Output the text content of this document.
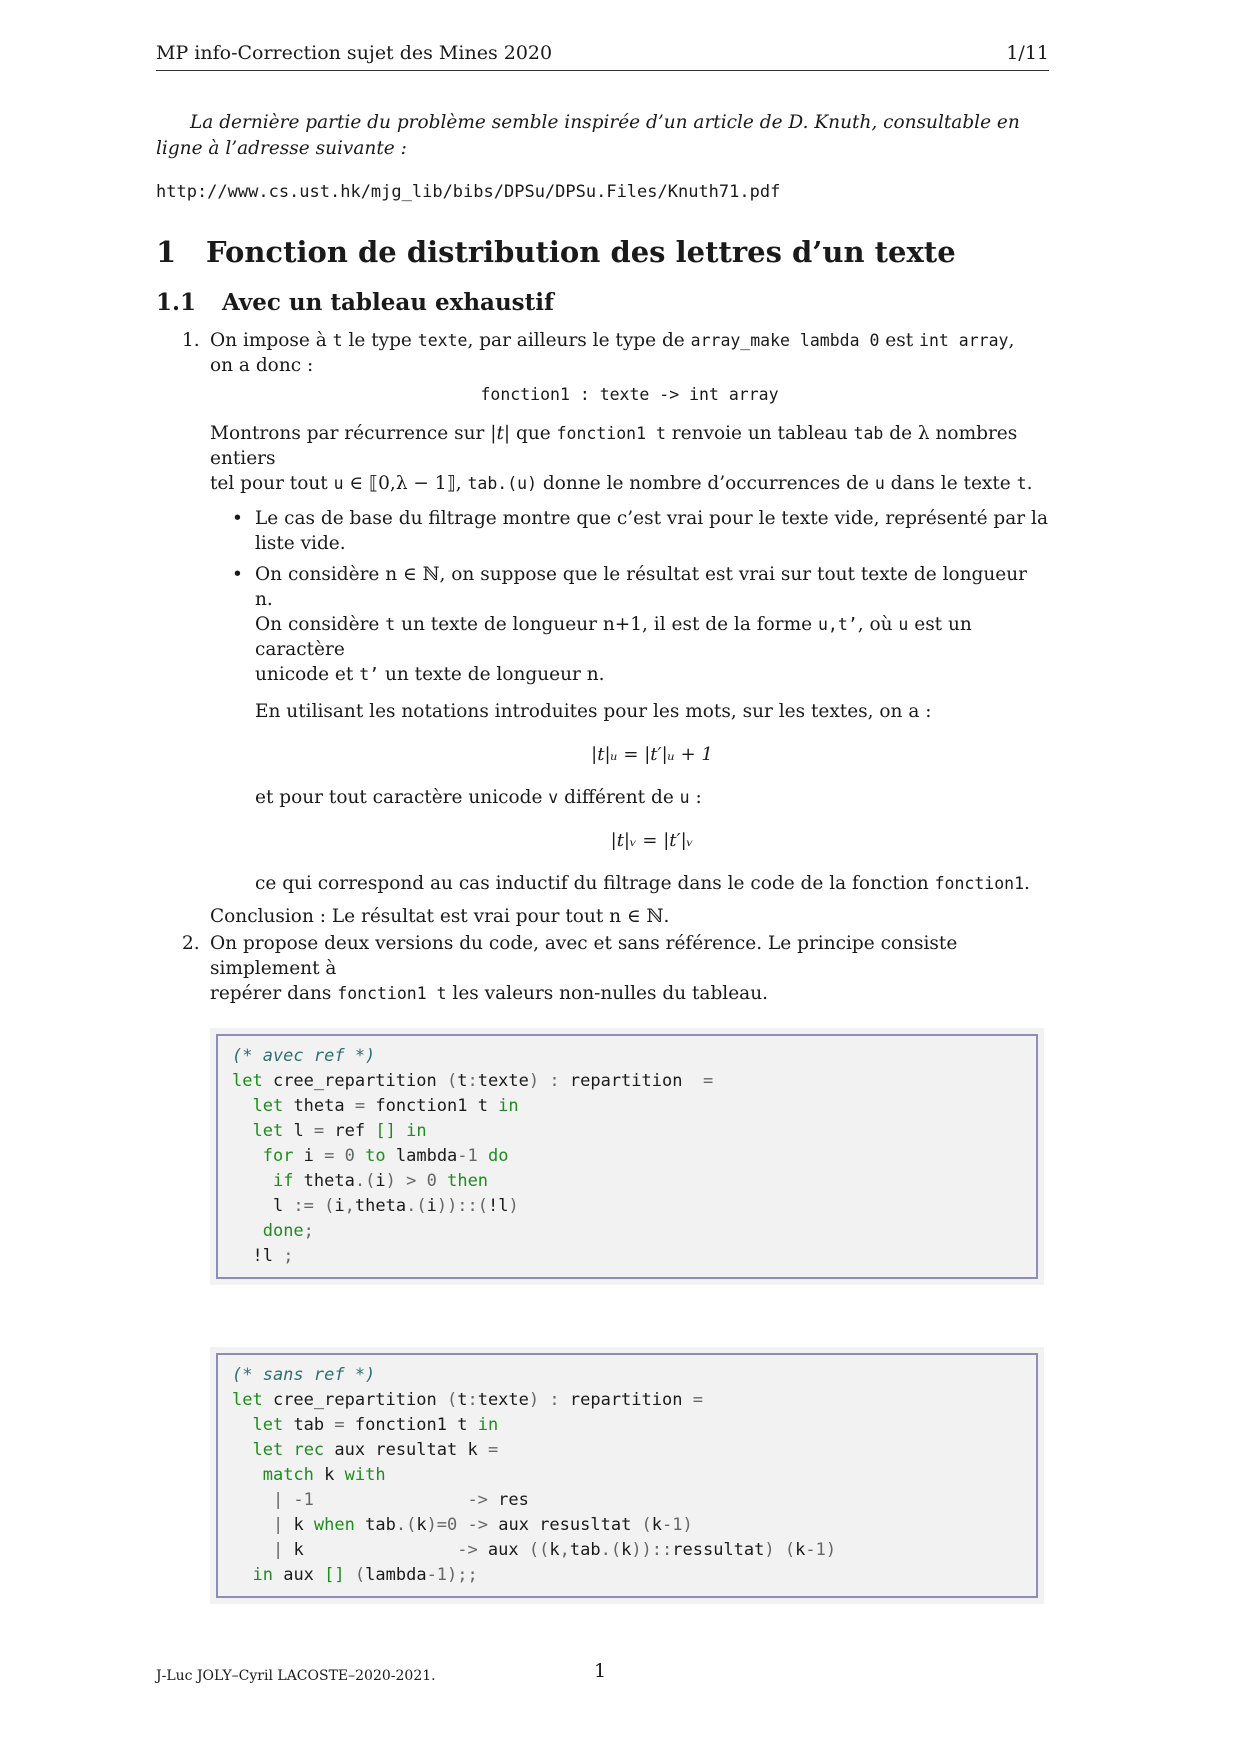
MP info-Correction sujet des Mines 2020	1/11

La dernière partie du problème semble inspirée d’un article de D. Knuth, consultable en ligne à l’adresse suivante :

http://www.cs.ust.hk/mjg_lib/bibs/DPSu/DPSu.Files/Knuth71.pdf

1 Fonction de distribution des lettres d’un texte
1.1 Avec un tableau exhaustif
1. On impose à t le type texte, par ailleurs le type de array_make lambda 0 est int array,
on a donc :

fonction1 : texte -> int array

Montrons par récurrence sur |t| que fonction1 t renvoie un tableau tab de λ nombres entiers
tel pour tout u ∈ ⟦0,λ − 1⟧, tab.(u) donne le nombre d’occurrences de u dans le texte t.

• Le cas de base du filtrage montre que c’est vrai pour le texte vide, représenté par la liste vide.
• On considère n ∈ ℕ, on suppose que le résultat est vrai sur tout texte de longueur n.
On considère t un texte de longueur n+1, il est de la forme u,t’, où u est un caractère
unicode et t’ un texte de longueur n.

En utilisant les notations introduites pour les mots, sur les textes, on a :

|t|ᵤ = |t′|ᵤ + 1

et pour tout caractère unicode v différent de u :

|t|ᵥ = |t′|ᵥ

ce qui correspond au cas inductif du filtrage dans le code de la fonction fonction1.

Conclusion : Le résultat est vrai pour tout n ∈ ℕ.

2. On propose deux versions du code, avec et sans référence. Le principe consiste simplement à
repérer dans fonction1 t les valeurs non-nulles du tableau.

(* avec ref *)
let cree_repartition (t:texte) : repartition  =
let theta = fonction1 t in
let l = ref [] in
for i = 0 to lambda-1 do
if theta.(i) > 0 then
l := (i,theta.(i))::(!l)
done;
!l ;
(* sans ref *)
let cree_repartition (t:texte) : repartition =
let tab = fonction1 t in
let rec aux resultat k =
match k with
| -1	-> res
| k when tab.(k)=0 -> aux resusltat (k-1)
| k               -> aux ((k,tab.(k))::ressultat) (k-1)
in aux [] (lambda-1);;
J-Luc JOLY–Cyril LACOSTE–2020-2021.	1
